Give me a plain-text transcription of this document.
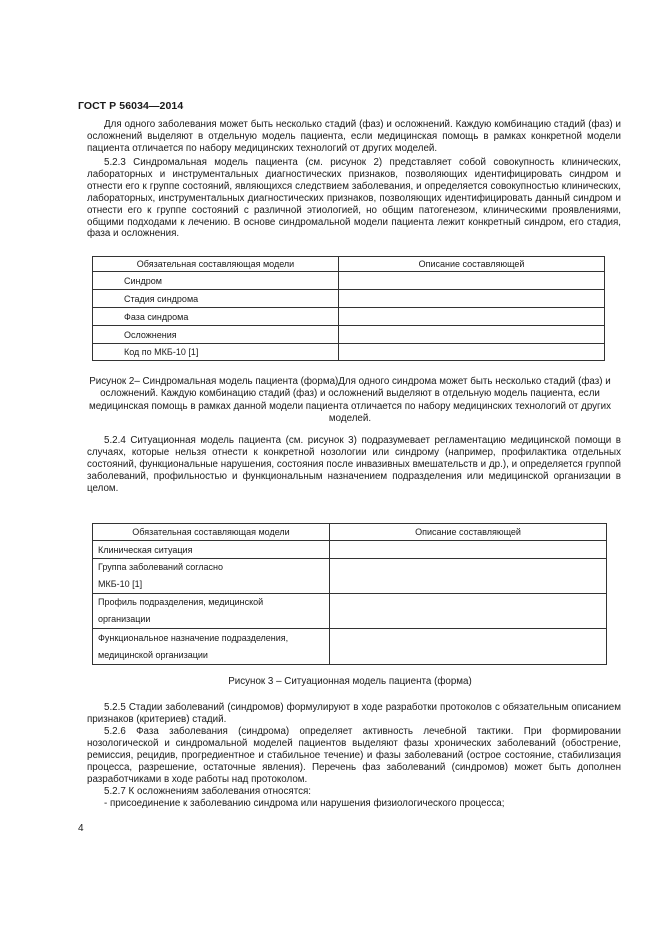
ГОСТ Р 56034—2014

Для одного заболевания может быть несколько стадий (фаз) и осложнений. Каждую комбинацию стадий (фаз) и осложнений выделяют в отдельную модель пациента, если медицинская помощь в рамках конкретной модели пациента отличается по набору медицинских технологий от других моделей.

5.2.3 Синдромальная модель пациента (см. рисунок 2) представляет собой совокупность клинических, лабораторных и инструментальных диагностических признаков, позволяющих идентифицировать синдром и отнести его к группе состояний, являющихся следствием заболевания, и определяется совокупностью клинических, лабораторных, инструментальных диагностических признаков, позволяющих идентифицировать данный синдром и отнести его к группе состояний с различной этиологией, но общим патогенезом, клиническими проявлениями, общими подходами к лечению. В основе синдромальной модели пациента лежит конкретный синдром, его стадия, фаза и осложнения.

Обязательная составляющая модели	Описание составляющей
Синдром	
Стадия синдрома	
Фаза синдрома	
Осложнения	
Код по МКБ-10 [1]	

Рисунок 2– Синдромальная модель пациента (форма)Для одного синдрома может быть несколько стадий (фаз) и осложнений. Каждую комбинацию стадий (фаз) и осложнений выделяют в отдельную модель пациента, если медицинская помощь в рамках данной модели пациента отличается по набору медицинских технологий от других моделей.

5.2.4 Ситуационная модель пациента (см. рисунок 3) подразумевает регламентацию медицинской помощи в случаях, которые нельзя отнести к конкретной нозологии или синдрому (например, профилактика отдельных состояний, функциональные нарушения, состояния после инвазивных вмешательств и др.), и определяется группой заболеваний, профильностью и функциональным назначением подразделения или медицинской организации в целом.

Обязательная составляющая модели	Описание составляющей

Клиническая ситуация	

Группа заболеваний согласно
МКБ-10 [1]	

Профиль подразделения, медицинской
организации	

Функциональное назначение подразделения,
медицинской организации	

Рисунок 3 – Ситуационная модель пациента (форма)

5.2.5 Стадии заболеваний (синдромов) формулируют в ходе разработки протоколов с обязательным описанием признаков (критериев) стадий.

5.2.6 Фаза заболевания (синдрома) определяет активность лечебной тактики. При формировании нозологической и синдромальной моделей пациентов выделяют фазы хронических заболеваний (обострение, ремиссия, рецидив, прогредиентное и стабильное течение) и фазы заболеваний (острое состояние, стабилизация процесса, разрешение, остаточные явления). Перечень фаз заболеваний (синдромов) может быть дополнен разработчиками в ходе работы над протоколом.

5.2.7 К осложнениям заболевания относятся:

- присоединение к заболеванию синдрома или нарушения физиологического процесса;

4
